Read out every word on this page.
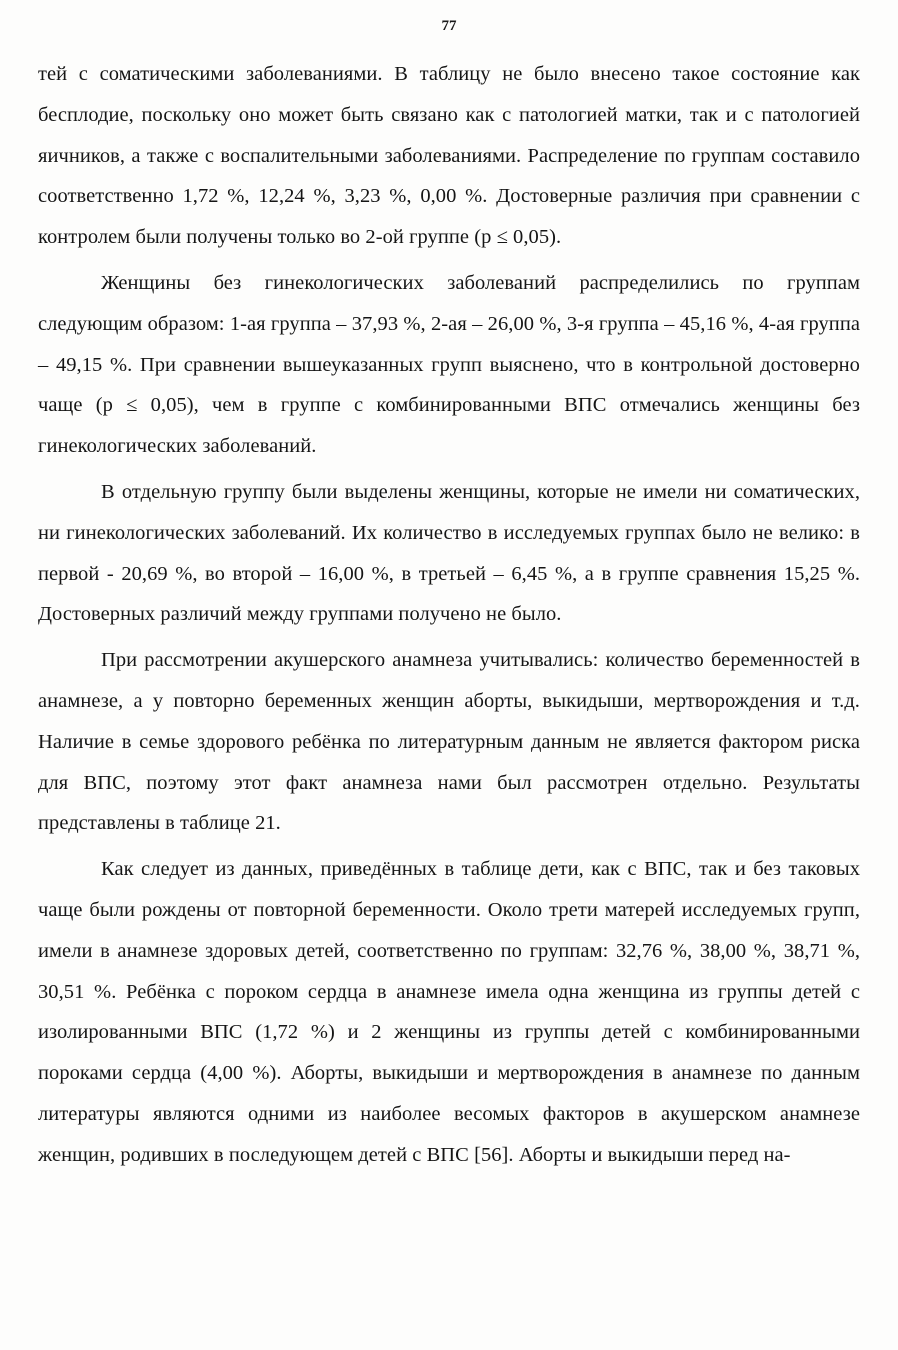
77

тей с соматическими заболеваниями. В таблицу не было внесено такое состояние как бесплодие, поскольку оно может быть связано как с патологией матки, так и с патологией яичников, а также с воспалительными заболеваниями. Распределение по группам составило соответственно 1,72 %, 12,24 %, 3,23 %, 0,00 %. Достоверные различия при сравнении с контролем были получены только во 2-ой группе (p ≤ 0,05).

Женщины без гинекологических заболеваний распределились по группам следующим образом: 1-ая группа – 37,93 %, 2-ая – 26,00 %, 3-я группа – 45,16 %, 4-ая группа – 49,15 %. При сравнении вышеуказанных групп выяснено, что в контрольной достоверно чаще (p ≤ 0,05), чем в группе с комбинированными ВПС отмечались женщины без гинекологических заболеваний.

В отдельную группу были выделены женщины, которые не имели ни соматических, ни гинекологических заболеваний. Их количество в исследуемых группах было не велико: в первой - 20,69 %, во второй – 16,00 %, в третьей – 6,45 %, а в группе сравнения 15,25 %. Достоверных различий между группами получено не было.

При рассмотрении акушерского анамнеза учитывались: количество беременностей в анамнезе, а у повторно беременных женщин аборты, выкидыши, мертворождения и т.д. Наличие в семье здорового ребёнка по литературным данным не является фактором риска для ВПС, поэтому этот факт анамнеза нами был рассмотрен отдельно. Результаты представлены в таблице 21.

Как следует из данных, приведённых в таблице дети, как с ВПС, так и без таковых чаще были рождены от повторной беременности. Около трети матерей исследуемых групп, имели в анамнезе здоровых детей, соответственно по группам: 32,76 %, 38,00 %, 38,71 %, 30,51 %. Ребёнка с пороком сердца в анамнезе имела одна женщина из группы детей с изолированными ВПС (1,72 %) и 2 женщины из группы детей с комбинированными пороками сердца (4,00 %). Аборты, выкидыши и мертворождения в анамнезе по данным литературы являются одними из наиболее весомых факторов в акушерском анамнезе женщин, родивших в последующем детей с ВПС [56]. Аборты и выкидыши перед на-
